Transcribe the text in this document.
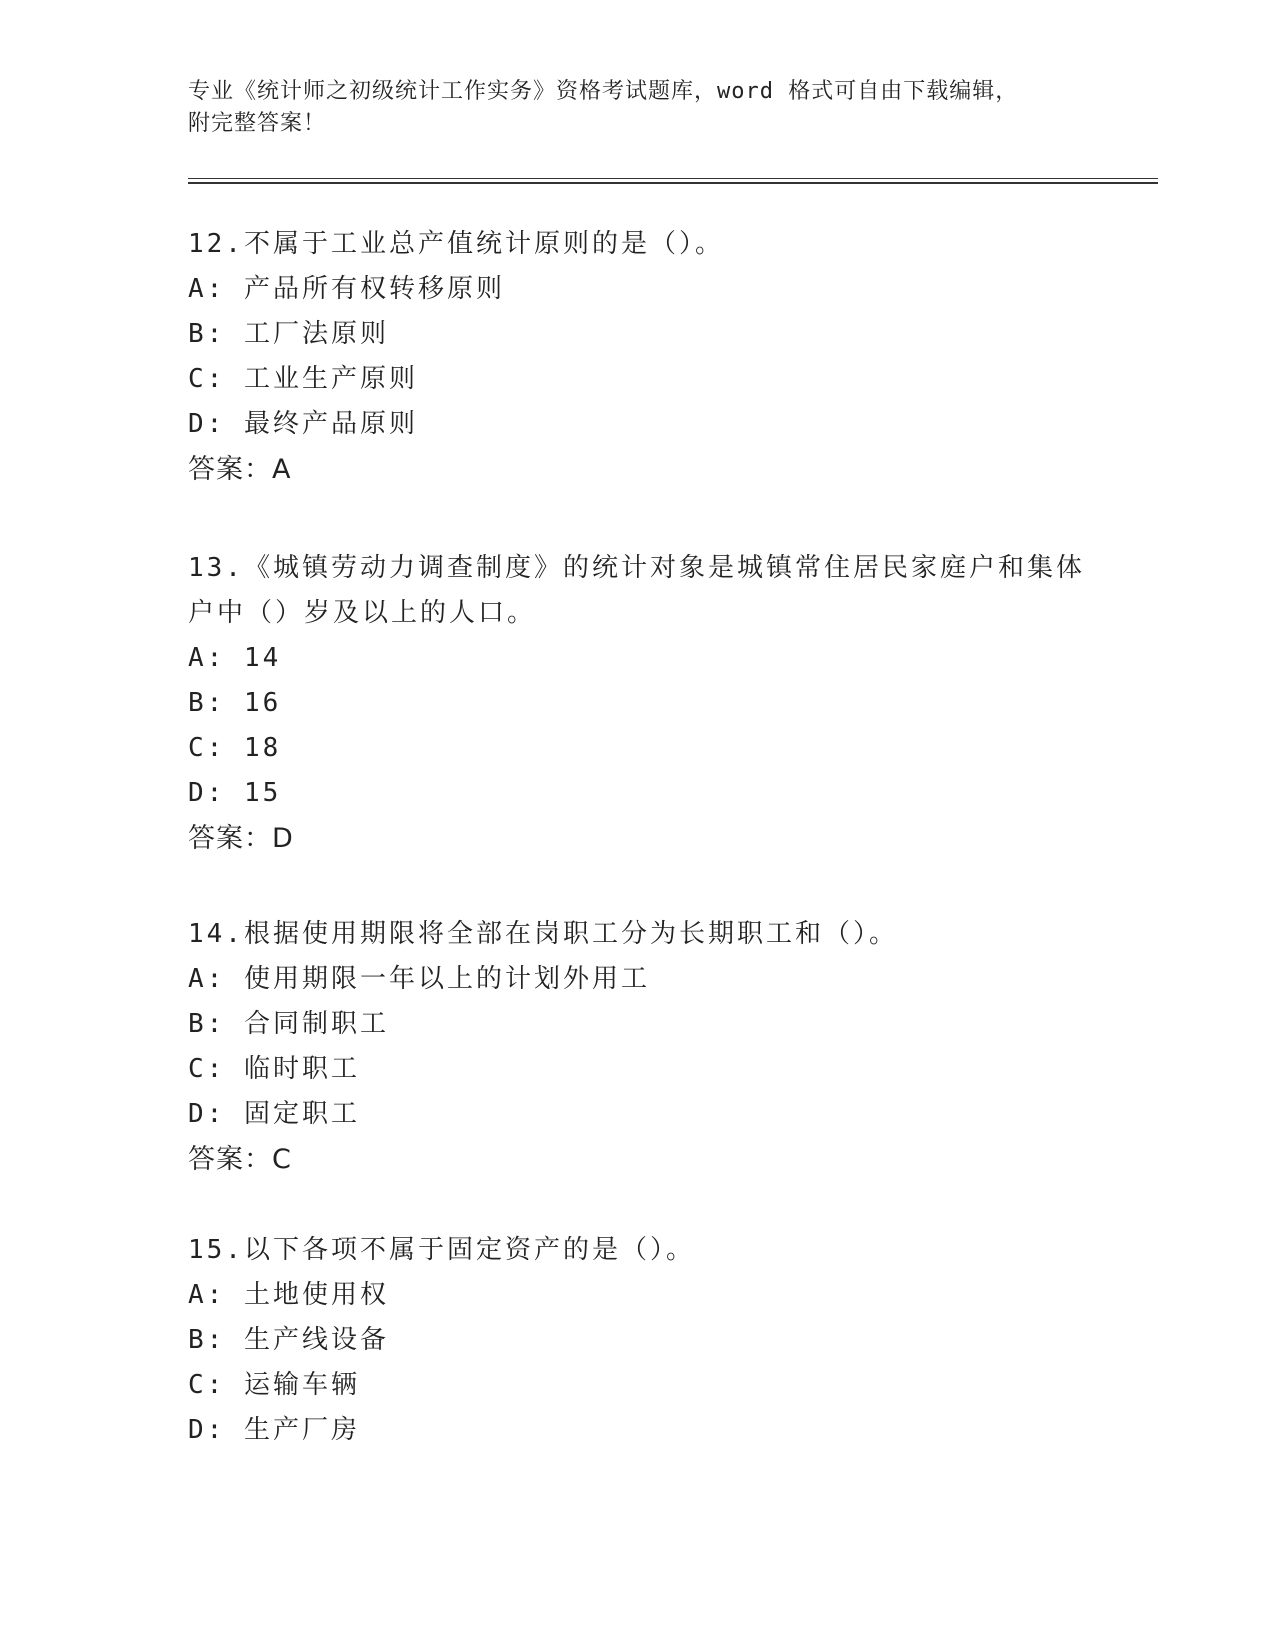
专业《统计师之初级统计工作实务》资格考试题库，word 格式可自由下载编辑，
附完整答案！

12.不属于工业总产值统计原则的是（）。

A: 产品所有权转移原则

B: 工厂法原则

C: 工业生产原则

D: 最终产品原则

答案：A

13.《城镇劳动力调查制度》的统计对象是城镇常住居民家庭户和集体

户中（）岁及以上的人口。

A: 14

B: 16

C: 18

D: 15

答案：D

14.根据使用期限将全部在岗职工分为长期职工和（）。

A: 使用期限一年以上的计划外用工

B: 合同制职工

C: 临时职工

D: 固定职工

答案：C

15.以下各项不属于固定资产的是（）。

A: 土地使用权

B: 生产线设备

C: 运输车辆

D: 生产厂房
